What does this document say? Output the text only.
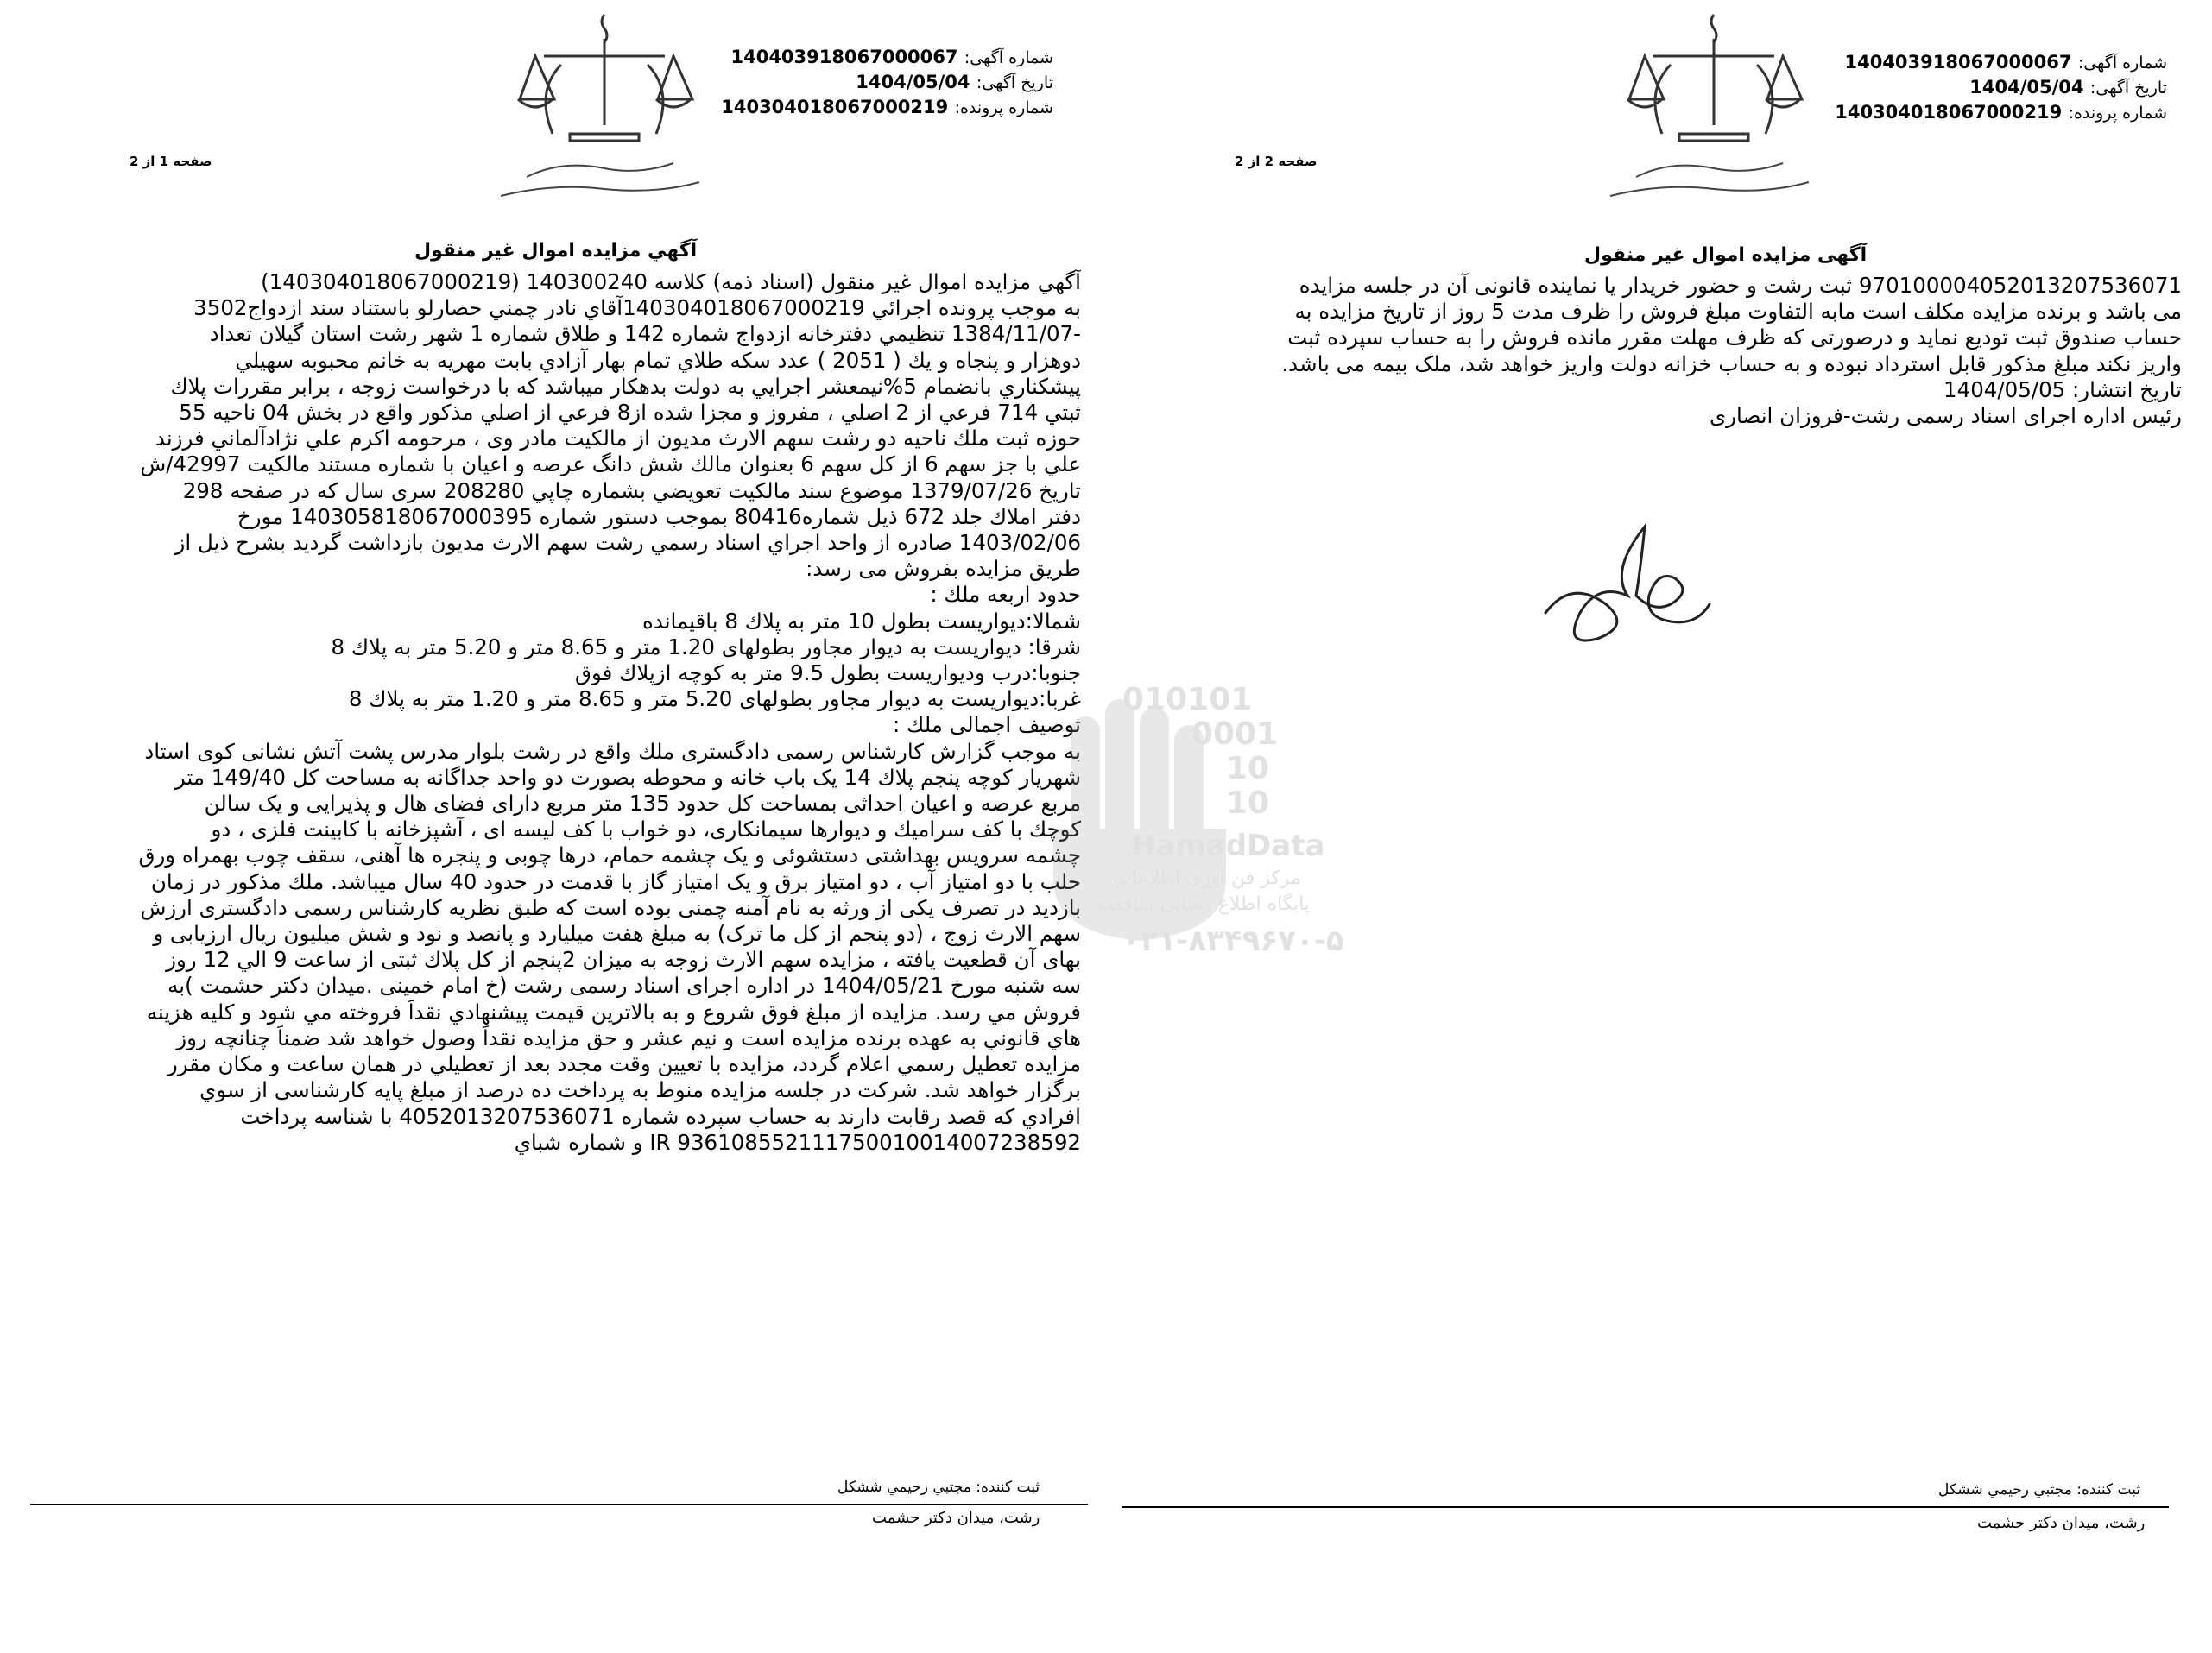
شماره آگهی: 140403918067000067
تاریخ آگهی: 1404/05/04
شماره پرونده: 140304018067000219
صفحه 1 از 2
آگهي مزايده اموال غير منقول
آگهي مزايده اموال غير منقول (اسناد ذمه) كلاسه 140300240 (140304018067000219)
به موجب پرونده اجرائي 140304018067000219آقاي نادر چمني حصارلو باستناد سند ازدواج3502
-1384/11/07 تنظيمي دفترخانه ازدواج شماره 142 و طلاق شماره 1 شهر رشت استان گيلان تعداد
دوهزار و پنجاه و يك ( 2051 ) عدد سكه طلاي تمام بهار آزادي بابت مهريه به خانم محبوبه سهيلي
پيشكناري بانضمام 5%نيمعشر اجرايي به دولت بدهكار ميباشد كه با درخواست زوجه ، برابر مقررات پلاك
ثبتي 714 فرعي از 2 اصلي ، مفروز و مجزا شده از8 فرعي از اصلي مذكور واقع در بخش 04 ناحيه 55
حوزه ثبت ملك ناحيه دو رشت سهم الارث مديون از مالكيت مادر وی ، مرحومه اكرم علي نژادآلماني فرزند
علي با جز سهم 6 از كل سهم 6 بعنوان مالك شش دانگ عرصه و اعيان با شماره مستند مالكيت 42997/ش
تاريخ 1379/07/26 موضوع سند مالكيت تعويضي بشماره چاپي 208280 سری سال كه در صفحه 298
دفتر املاك جلد 672 ذيل شماره80416 بموجب دستور شماره 140305818067000395 مورخ
1403/02/06 صادره از واحد اجراي اسناد رسمي رشت سهم الارث مديون بازداشت گرديد بشرح ذيل از
طريق مزايده بفروش می رسد:
حدود اربعه ملك :
شمالا:ديواريست بطول 10 متر به پلاك 8 باقيمانده
شرقا: ديواريست به ديوار مجاور بطولهای 1.20 متر و 8.65 متر و 5.20 متر به پلاك 8
جنوبا:درب وديواريست بطول 9.5 متر به كوچه ازپلاك فوق
غربا:ديواريست به ديوار مجاور بطولهای 5.20 متر و 8.65 متر و 1.20 متر به پلاك 8
توصيف اجمالی ملك :
به موجب گزارش كارشناس رسمی دادگستری ملك واقع در رشت بلوار مدرس پشت آتش نشانی كوی استاد
شهريار كوچه پنجم پلاك 14 يک باب خانه و محوطه بصورت دو واحد جداگانه به مساحت كل 149/40 متر
مربع عرصه و اعيان احداثی بمساحت كل حدود 135 متر مربع دارای فضای هال و پذيرايی و يک سالن
كوچك با كف سراميك و ديوارها سيمانكاری، دو خواب با كف ليسه ای ، آشپزخانه با كابينت فلزی ، دو
چشمه سرويس بهداشتی دستشوئی و يک چشمه حمام، درها چوبی و پنجره ها آهنی، سقف چوب بهمراه ورق
حلب با دو امتياز آب ، دو امتياز برق و يک امتياز گاز با قدمت در حدود 40 سال ميباشد. ملك مذكور در زمان
بازديد در تصرف يكی از ورثه به نام آمنه چمنی بوده است كه طبق نظريه كارشناس رسمی دادگستری ارزش
سهم الارث زوج ، (دو پنجم از كل ما ترک) به مبلغ هفت ميليارد و پانصد و نود و شش ميليون ريال ارزيابی و
بهای آن قطعيت يافته ، مزايده سهم الارث زوجه به ميزان 2پنجم از كل پلاك ثبتی از ساعت 9 الي 12 روز
سه شنبه مورخ 1404/05/21 در اداره اجرای اسناد رسمی رشت (خ امام خمينی .ميدان دكتر حشمت )به
فروش مي رسد. مزايده از مبلغ فوق شروع و به بالاترين قيمت پيشنهادي نقداً فروخته مي شود و كليه هزينه
هاي قانوني به عهده برنده مزايده است و نيم عشر و حق مزايده نقداً وصول خواهد شد ضمناً چنانچه روز
مزايده تعطيل رسمي اعلام گردد، مزايده با تعيين وقت مجدد بعد از تعطيلي در همان ساعت و مكان مقرر
برگزار خواهد شد. شركت در جلسه مزايده منوط به پرداخت ده درصد از مبلغ پايه كارشناسی از سوي
افرادي كه قصد رقابت دارند به حساب سپرده شماره 4052013207536071 با شناسه پرداخت
IR 936108552111750010014007238592 و شماره شباي
ثبت كننده: مجتبي رحيمي ششكل
رشت، ميدان دكتر حشمت
شماره آگهی: 140403918067000067
تاریخ آگهی: 1404/05/04
شماره پرونده: 140304018067000219
صفحه 2 از 2
آگهی مزایده اموال غیر منقول
970100004052013207536071 ثبت رشت و حضور خریدار یا نماینده قانونی آن در جلسه مزایده
می باشد و برنده مزایده مکلف است مابه التفاوت مبلغ فروش را ظرف مدت 5 روز از تاریخ مزایده به
حساب صندوق ثبت تودیع نماید و درصورتی که ظرف مهلت مقرر مانده فروش را به حساب سپرده ثبت
واریز نکند مبلغ مذکور قابل استرداد نبوده و به حساب خزانه دولت واریز خواهد شد، ملک بیمه می باشد.
تاریخ انتشار: 1404/05/05
رئیس اداره اجرای اسناد رسمی رشت-فروزان انصاری
ثبت کننده: مجتبي رحيمي ششكل
رشت، ميدان دكتر حشمت
010101
0001
10
10
HamadData
مرکز فن آوری اطلاعات
پایگاه اطلاع رسانی مناقصه
۰۲۱-۸۳۴۹۶۷۰-۵
